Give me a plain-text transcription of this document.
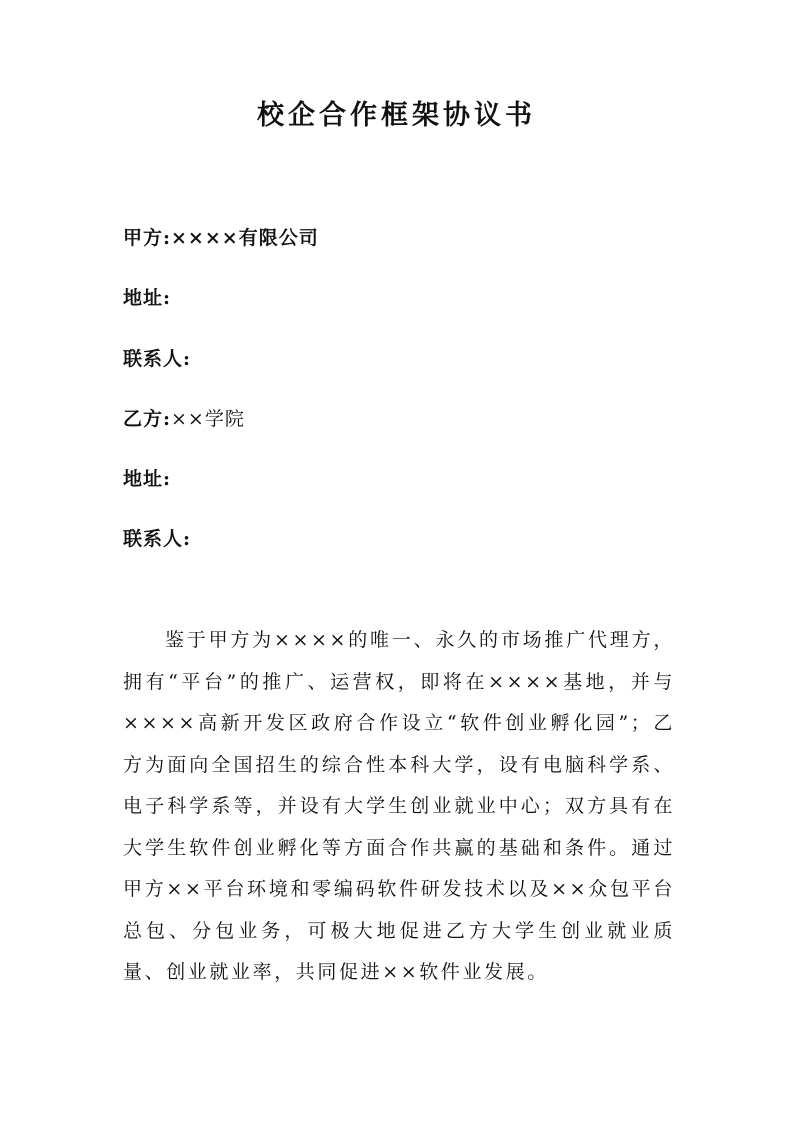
校企合作框架协议书
甲方:××××有限公司
地址:
联系人:
乙方:××学院
地址:
联系人:

鉴于甲方为××××的唯一、永久的市场推广代理方，拥有“平台”的推广、运营权，即将在××××基地，并与××××高新开发区政府合作设立“软件创业孵化园”；乙方为面向全国招生的综合性本科大学，设有电脑科学系、电子科学系等，并设有大学生创业就业中心；双方具有在大学生软件创业孵化等方面合作共赢的基础和条件。通过甲方××平台环境和零编码软件研发技术以及××众包平台总包、分包业务，可极大地促进乙方大学生创业就业质量、创业就业率，共同促进××软件业发展。
